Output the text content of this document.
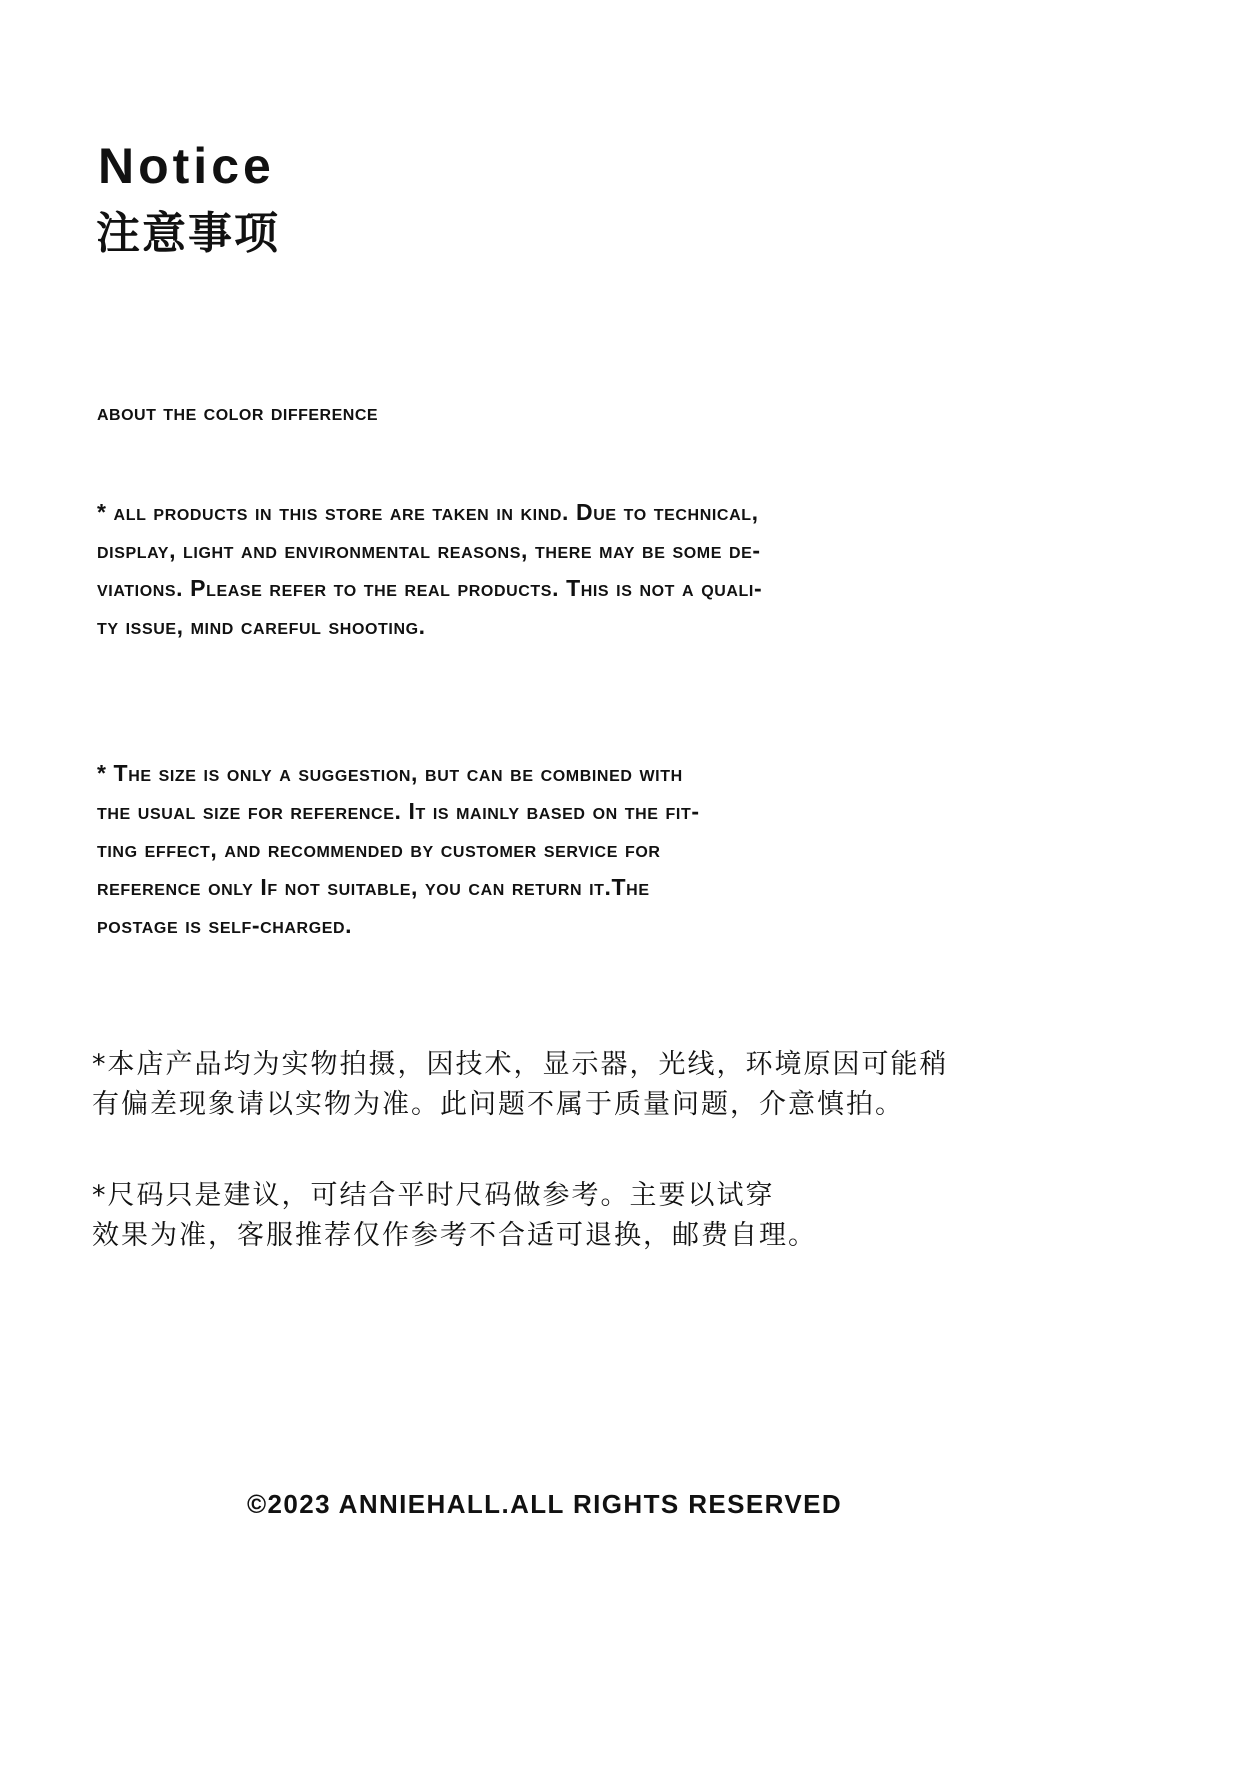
Notice
注意事项
about the color difference
* all products in this store are taken in kind. Due to technical,
display, light and environmental reasons, there may be some de-
viations. Please refer to the real products. This is not a quali-
ty issue, mind careful shooting.
* The size is only a suggestion, but can be combined with
the usual size for reference. It is mainly based on the fit-
ting effect, and recommended by customer service for
reference only If not suitable, you can return it.The
postage is self-charged.
*本店产品均为实物拍摄，因技术，显示器，光线，环境原因可能稍
有偏差现象请以实物为准。此问题不属于质量问题，介意慎拍。
*尺码只是建议，可结合平时尺码做参考。主要以试穿
效果为准，客服推荐仅作参考不合适可退换，邮费自理。
©2023 ANNIEHALL.ALL RIGHTS RESERVED
